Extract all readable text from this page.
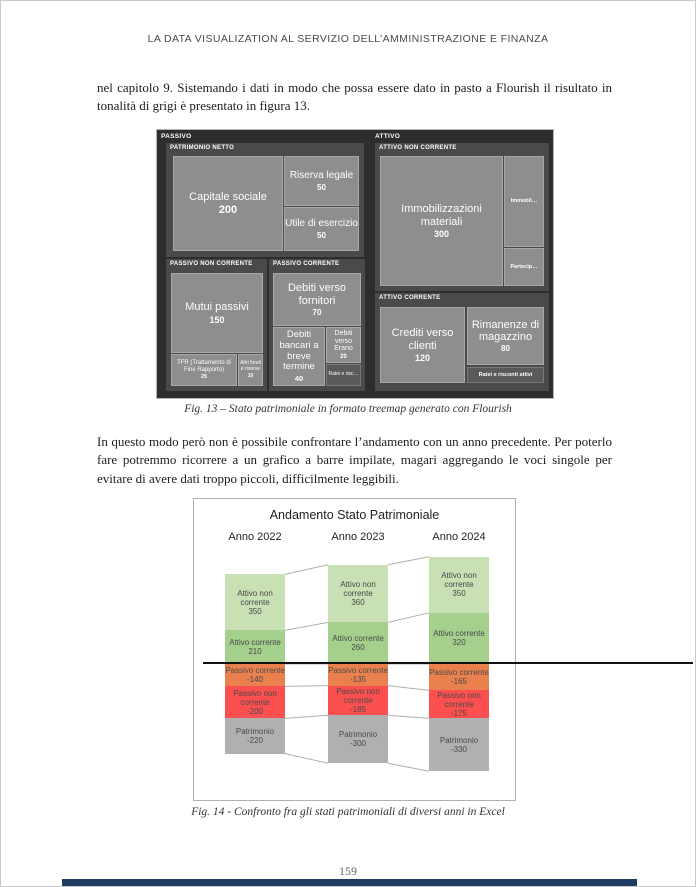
LA DATA VISUALIZATION AL SERVIZIO DELL’AMMINISTRAZIONE E FINANZA

nel capitolo 9. Sistemando i dati in modo che possa essere dato in pasto a Flourish il risultato in tonalità di grigi è presentato in figura 13.

PASSIVO	ATTIVO
PATRIMONIO NETTO
Capitale sociale
200
Riserva legale
50
Utile di esercizio
50
PASSIVO NON CORRENTE
Mutui passivi
150
TFR (Trattamento di Fine Rapporto)
25
Altri fondi e riserve
10
PASSIVO CORRENTE
Debiti verso fornitori
70
Debiti bancari a breve termine
40
Debiti verso Erario
20
Ratei e risc…
ATTIVO NON CORRENTE
Immobilizzazioni materiali
300
Immobil…
Partecip…
ATTIVO CORRENTE
Crediti verso clienti
120
Rimanenze di magazzino
80
Ratei e risconti attivi
Fig. 13 – Stato patrimoniale in formato treemap generato con Flourish

In questo modo però non è possibile confrontare l’andamento con un anno precedente. Per poterlo fare potremmo ricorrere a un grafico a barre impilate, magari aggregando le voci singole per evitare di avere dati troppo piccoli, difficilmente leggibili.

Andamento Stato Patrimoniale
Anno 2022	Anno 2023	Anno 2024
Attivo non corrente
350
Attivo corrente
210
Passivo corrente
-140
Passivo non corrente
-200
Patrimonio
-220
Attivo non corrente
360
Attivo corrente
260
Passivo corrente
-135
Passivo non corrente
-185
Patrimonio
-300
Attivo non corrente
350
Attivo corrente
320
Passivo corrente
-165
Passivo non corrente
-175
Patrimonio
-330
Fig. 14 - Confronto fra gli stati patrimoniali di diversi anni in Excel
159
